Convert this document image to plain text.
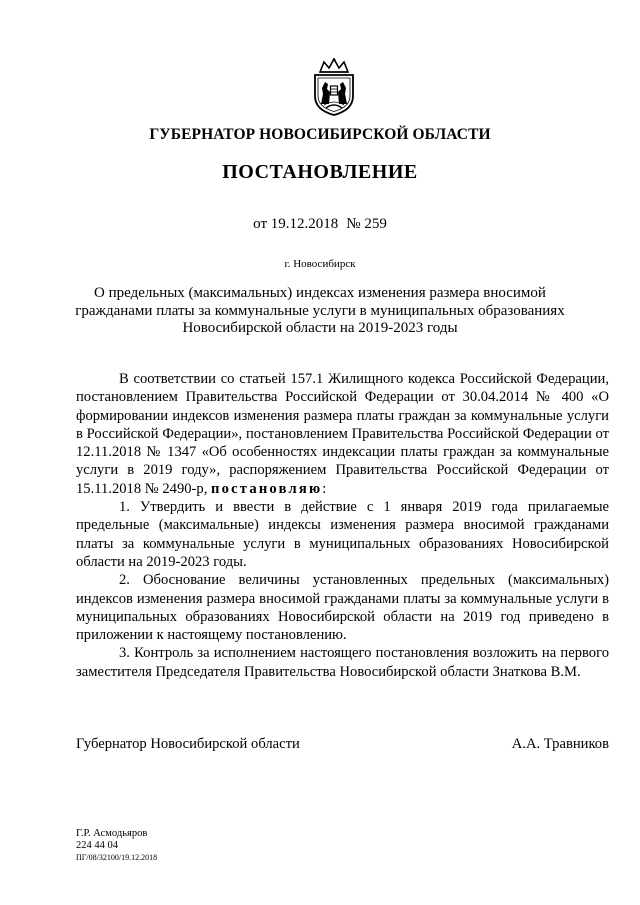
ГУБЕРНАТОР НОВОСИБИРСКОЙ ОБЛАСТИ
ПОСТАНОВЛЕНИЕ
от 19.12.2018 № 259
г. Новосибирск
О предельных (максимальных) индексах изменения размера вносимой
гражданами платы за коммунальные услуги в муниципальных образованиях
Новосибирской области на 2019-2023 годы

В соответствии со статьей 157.1 Жилищного кодекса Российской Федерации, постановлением Правительства Российской Федерации от 30.04.2014 № 400 «О формировании индексов изменения размера платы граждан за коммунальные услуги в Российской Федерации», постановлением Правительства Российской Федерации от 12.11.2018 № 1347 «Об особенностях индексации платы граждан за коммунальные услуги в 2019 году», распоряжением Правительства Российской Федерации от 15.11.2018 № 2490-р, постановляю:

1. Утвердить и ввести в действие с 1 января 2019 года прилагаемые предельные (максимальные) индексы изменения размера вносимой гражданами платы за коммунальные услуги в муниципальных образованиях Новосибирской области на 2019-2023 годы.

2. Обоснование величины установленных предельных (максимальных) индексов изменения размера вносимой гражданами платы за коммунальные услуги в муниципальных образованиях Новосибирской области на 2019 год приведено в приложении к настоящему постановлению.

3. Контроль за исполнением настоящего постановления возложить на первого заместителя Председателя Правительства Новосибирской области Знаткова В.М.

Губернатор Новосибирской области	А.А. Травников
Г.Р. Асмодьяров
224 44 04
ПГ/08/32100/19.12.2018
